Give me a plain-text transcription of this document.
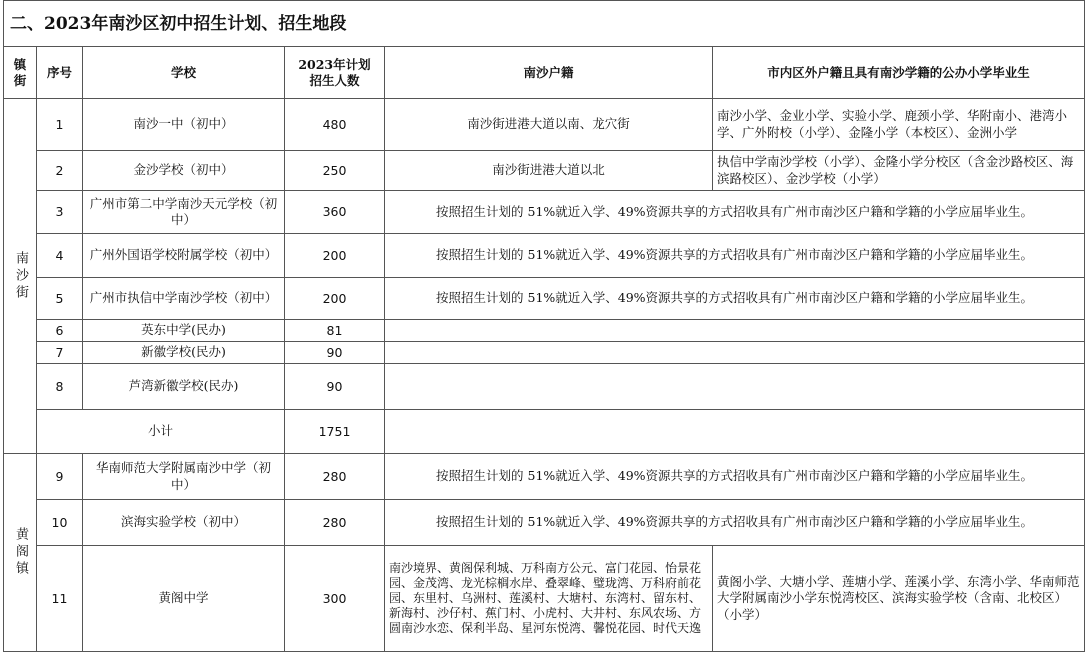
二、2023年南沙区初中招生计划、招生地段					
镇街	序号	学校	2023年计划招生人数	南沙户籍	市内区外户籍且具有南沙学籍的公办小学毕业生
南沙街	1	南沙一中（初中）	480	南沙街进港大道以南、龙穴街	南沙小学、金业小学、实验小学、鹿颈小学、华附南小、港湾小学、广外附校（小学）、金隆小学（本校区）、金洲小学
	2	金沙学校（初中）	250	南沙街进港大道以北	执信中学南沙学校（小学）、金隆小学分校区（含金沙路校区、海滨路校区）、金沙学校（小学）
	3	广州市第二中学南沙天元学校（初中）	360	按照招生计划的 51%就近入学、49%资源共享的方式招收具有广州市南沙区户籍和学籍的小学应届毕业生。	
	4	广州外国语学校附属学校（初中）	200	按照招生计划的 51%就近入学、49%资源共享的方式招收具有广州市南沙区户籍和学籍的小学应届毕业生。	
	5	广州市执信中学南沙学校（初中）	200	按照招生计划的 51%就近入学、49%资源共享的方式招收具有广州市南沙区户籍和学籍的小学应届毕业生。	
	6	英东中学(民办)	81		
	7	新徽学校(民办)	90		
	8	芦湾新徽学校(民办)	90		
	小计		1751		
黄阁镇	9	华南师范大学附属南沙中学（初中）	280	按照招生计划的 51%就近入学、49%资源共享的方式招收具有广州市南沙区户籍和学籍的小学应届毕业生。	
	10	滨海实验学校（初中）	280	按照招生计划的 51%就近入学、49%资源共享的方式招收具有广州市南沙区户籍和学籍的小学应届毕业生。	
	11	黄阁中学	300	南沙境界、黄阁保利城、万科南方公元、富门花园、怡景花园、金茂湾、龙光棕榈水岸、叠翠峰、璧珑湾、万科府前花园、东里村、乌洲村、莲溪村、大塘村、东湾村、留东村、新海村、沙仔村、蕉门村、小虎村、大井村、东风农场、方圆南沙水恋、保利半岛、星河东悦湾、馨悦花园、时代天逸	黄阁小学、大塘小学、莲塘小学、莲溪小学、东湾小学、华南师范大学附属南沙小学东悦湾校区、滨海实验学校（含南、北校区）（小学）
